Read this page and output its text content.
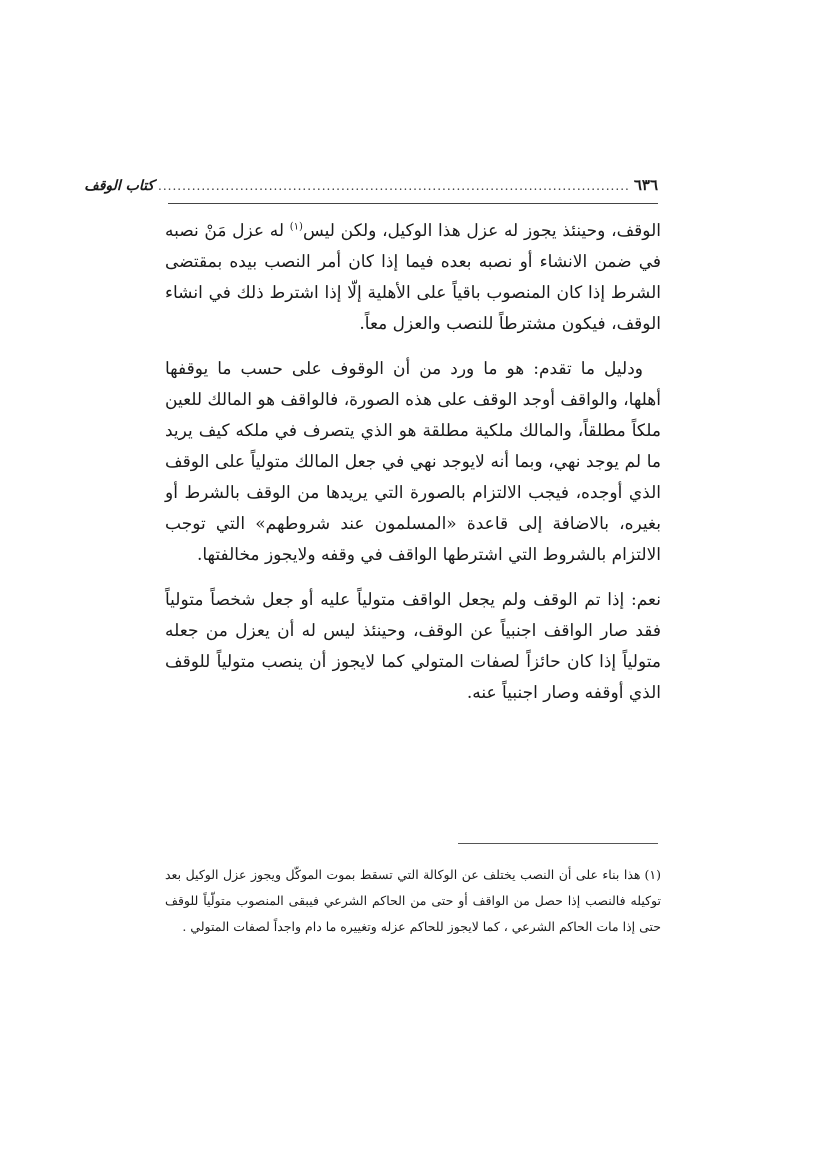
٦٣٦
..................................................................................................
كتاب الوقف

الوقف، وحينئذ يجوز له عزل هذا الوكيل، ولكن ليس$^{(١)}$ له عزل مَنْ نصبه في ضمن الانشاء أو نصبه بعده فيما إذا كان أمر النصب بيده بمقتضى الشرط إذا كان المنصوب باقياً على الأهلية إلّا إذا اشترط ذلك في انشاء الوقف، فيكون مشترطاً للنصب والعزل معاً.

ودليل ما تقدم: هو ما ورد من أن الوقوف على حسب ما يوقفها أهلها، والواقف أوجد الوقف على هذه الصورة، فالواقف هو المالك للعين ملكاً مطلقاً، والمالك ملكية مطلقة هو الذي يتصرف في ملكه كيف يريد ما لم يوجد نهي، وبما أنه لايوجد نهي في جعل المالك متولياً على الوقف الذي أوجده، فيجب الالتزام بالصورة التي يريدها من الوقف بالشرط أو بغيره، بالاضافة إلى قاعدة «المسلمون عند شروطهم» التي توجب الالتزام بالشروط التي اشترطها الواقف في وقفه ولايجوز مخالفتها.

نعم: إذا تم الوقف ولم يجعل الواقف متولياً عليه أو جعل شخصاً متولياً فقد صار الواقف اجنبياً عن الوقف، وحينئذ ليس له أن يعزل من جعله متولياً إذا كان حائزاً لصفات المتولي كما لايجوز أن ينصب متولياً للوقف الذي أوقفه وصار اجنبياً عنه.

(١)هذا بناء على أن النصب يختلف عن الوكالة التي تسقط بموت الموكّل ويجوز عزل الوكيل بعد توكيله فالنصب إذا حصل من الواقف أو حتى من الحاكم الشرعي فيبقى المنصوب متولّياً للوقف حتى إذا مات الحاكم الشرعي ، كما لايجوز للحاكم عزله وتغييره ما دام واجداً لصفات المتولي .
